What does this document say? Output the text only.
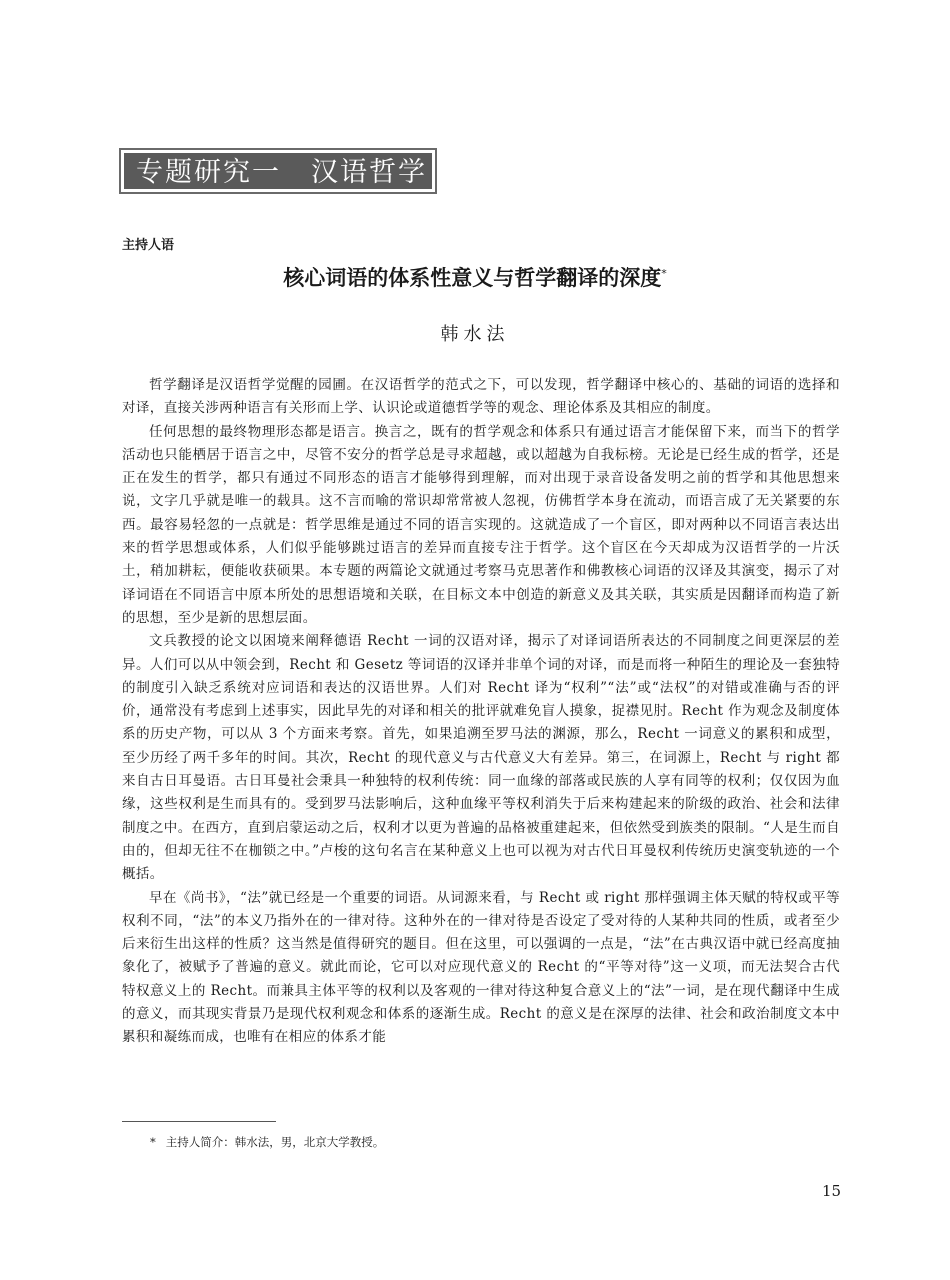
专题研究一 汉语哲学
主持人语
核心词语的体系性意义与哲学翻译的深度*
韩水法

哲学翻译是汉语哲学觉醒的园圃。在汉语哲学的范式之下，可以发现，哲学翻译中核心的、基础的词语的选择和对译，直接关涉两种语言有关形而上学、认识论或道德哲学等的观念、理论体系及其相应的制度。

任何思想的最终物理形态都是语言。换言之，既有的哲学观念和体系只有通过语言才能保留下来，而当下的哲学活动也只能栖居于语言之中，尽管不安分的哲学总是寻求超越，或以超越为自我标榜。无论是已经生成的哲学，还是正在发生的哲学，都只有通过不同形态的语言才能够得到理解，而对出现于录音设备发明之前的哲学和其他思想来说，文字几乎就是唯一的载具。这不言而喻的常识却常常被人忽视，仿佛哲学本身在流动，而语言成了无关紧要的东西。最容易轻忽的一点就是：哲学思维是通过不同的语言实现的。这就造成了一个盲区，即对两种以不同语言表达出来的哲学思想或体系，人们似乎能够跳过语言的差异而直接专注于哲学。这个盲区在今天却成为汉语哲学的一片沃土，稍加耕耘，便能收获硕果。本专题的两篇论文就通过考察马克思著作和佛教核心词语的汉译及其演变，揭示了对译词语在不同语言中原本所处的思想语境和关联，在目标文本中创造的新意义及其关联，其实质是因翻译而构造了新的思想，至少是新的思想层面。

文兵教授的论文以困境来阐释德语 Recht 一词的汉语对译，揭示了对译词语所表达的不同制度之间更深层的差异。人们可以从中领会到，Recht 和 Gesetz 等词语的汉译并非单个词的对译，而是而将一种陌生的理论及一套独特的制度引入缺乏系统对应词语和表达的汉语世界。人们对 Recht 译为“权利”“法”或“法权”的对错或准确与否的评价，通常没有考虑到上述事实，因此早先的对译和相关的批评就难免盲人摸象，捉襟见肘。Recht 作为观念及制度体系的历史产物，可以从 3 个方面来考察。首先，如果追溯至罗马法的渊源，那么，Recht 一词意义的累积和成型，至少历经了两千多年的时间。其次，Recht 的现代意义与古代意义大有差异。第三，在词源上，Recht 与 right 都来自古日耳曼语。古日耳曼社会秉具一种独特的权利传统：同一血缘的部落或民族的人享有同等的权利；仅仅因为血缘，这些权利是生而具有的。受到罗马法影响后，这种血缘平等权利消失于后来构建起来的阶级的政治、社会和法律制度之中。在西方，直到启蒙运动之后，权利才以更为普遍的品格被重建起来，但依然受到族类的限制。“人是生而自由的，但却无往不在枷锁之中。”卢梭的这句名言在某种意义上也可以视为对古代日耳曼权利传统历史演变轨迹的一个概括。

早在《尚书》，“法”就已经是一个重要的词语。从词源来看，与 Recht 或 right 那样强调主体天赋的特权或平等权利不同，“法”的本义乃指外在的一律对待。这种外在的一律对待是否设定了受对待的人某种共同的性质，或者至少后来衍生出这样的性质？这当然是值得研究的题目。但在这里，可以强调的一点是，“法”在古典汉语中就已经高度抽象化了，被赋予了普遍的意义。就此而论，它可以对应现代意义的 Recht 的“平等对待”这一义项，而无法契合古代特权意义上的 Recht。而兼具主体平等的权利以及客观的一律对待这种复合意义上的“法”一词，是在现代翻译中生成的意义，而其现实背景乃是现代权利观念和体系的逐渐生成。Recht 的意义是在深厚的法律、社会和政治制度文本中累积和凝练而成，也唯有在相应的体系才能

* 主持人简介：韩水法，男，北京大学教授。
15
